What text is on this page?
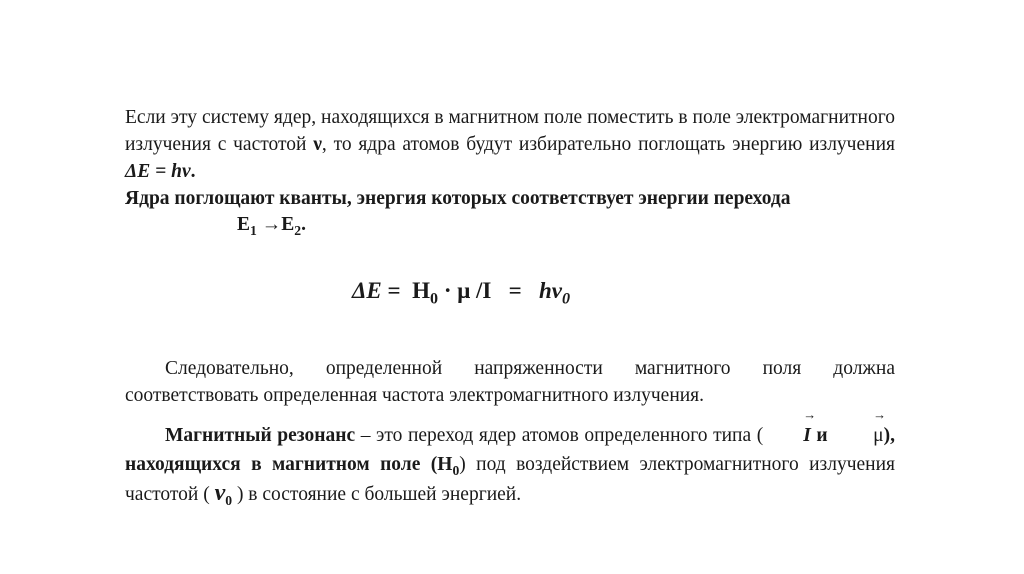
Если эту систему ядер, находящихся в магнитном поле поместить в поле электромагнитного излучения с частотой ν, то ядра атомов будут избирательно поглощать энергию излучения ΔE = hν.
Ядра поглощают кванты, энергия которых соответствует энергии перехода
$E_1 \to E_2$.
$\Delta E = H_0 \cdot \mu$ $/I = h\nu_0$
Следовательно, определенной напряженности магнитного поля должна соответствовать определенная частота электромагнитного излучения.
Магнитный резонанс – это переход ядер атомов определенного типа (
→
I и
→
μ), находящихся в магнитном поле $(H_0)$ под воздействием электромагнитного излучения частотой ( $\nu_0$ ) в состояние с большей энергией.
